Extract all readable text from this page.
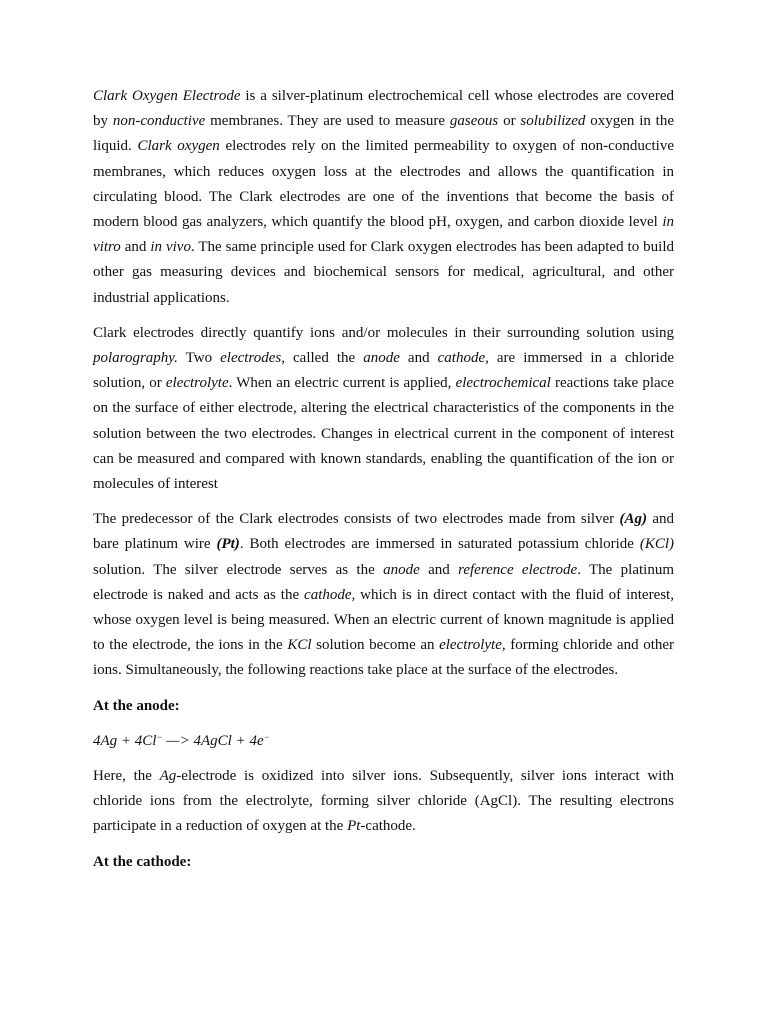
Clark Oxygen Electrode is a silver-platinum electrochemical cell whose electrodes are covered by non-conductive membranes. They are used to measure gaseous or solubilized oxygen in the liquid. Clark oxygen electrodes rely on the limited permeability to oxygen of non-conductive membranes, which reduces oxygen loss at the electrodes and allows the quantification in circulating blood. The Clark electrodes are one of the inventions that become the basis of modern blood gas analyzers, which quantify the blood pH, oxygen, and carbon dioxide level in vitro and in vivo. The same principle used for Clark oxygen electrodes has been adapted to build other gas measuring devices and biochemical sensors for medical, agricultural, and other industrial applications.

Clark electrodes directly quantify ions and/or molecules in their surrounding solution using polarography. Two electrodes, called the anode and cathode, are immersed in a chloride solution, or electrolyte. When an electric current is applied, electrochemical reactions take place on the surface of either electrode, altering the electrical characteristics of the components in the solution between the two electrodes. Changes in electrical current in the component of interest can be measured and compared with known standards, enabling the quantification of the ion or molecules of interest

The predecessor of the Clark electrodes consists of two electrodes made from silver (Ag) and bare platinum wire (Pt). Both electrodes are immersed in saturated potassium chloride (KCl) solution. The silver electrode serves as the anode and reference electrode. The platinum electrode is naked and acts as the cathode, which is in direct contact with the fluid of interest, whose oxygen level is being measured. When an electric current of known magnitude is applied to the electrode, the ions in the KCl solution become an electrolyte, forming chloride and other ions. Simultaneously, the following reactions take place at the surface of the electrodes.

At the anode:

4Ag + 4Cl− —> 4AgCl + 4e−

Here, the Ag-electrode is oxidized into silver ions. Subsequently, silver ions interact with chloride ions from the electrolyte, forming silver chloride (AgCl). The resulting electrons participate in a reduction of oxygen at the Pt-cathode.

At the cathode:
